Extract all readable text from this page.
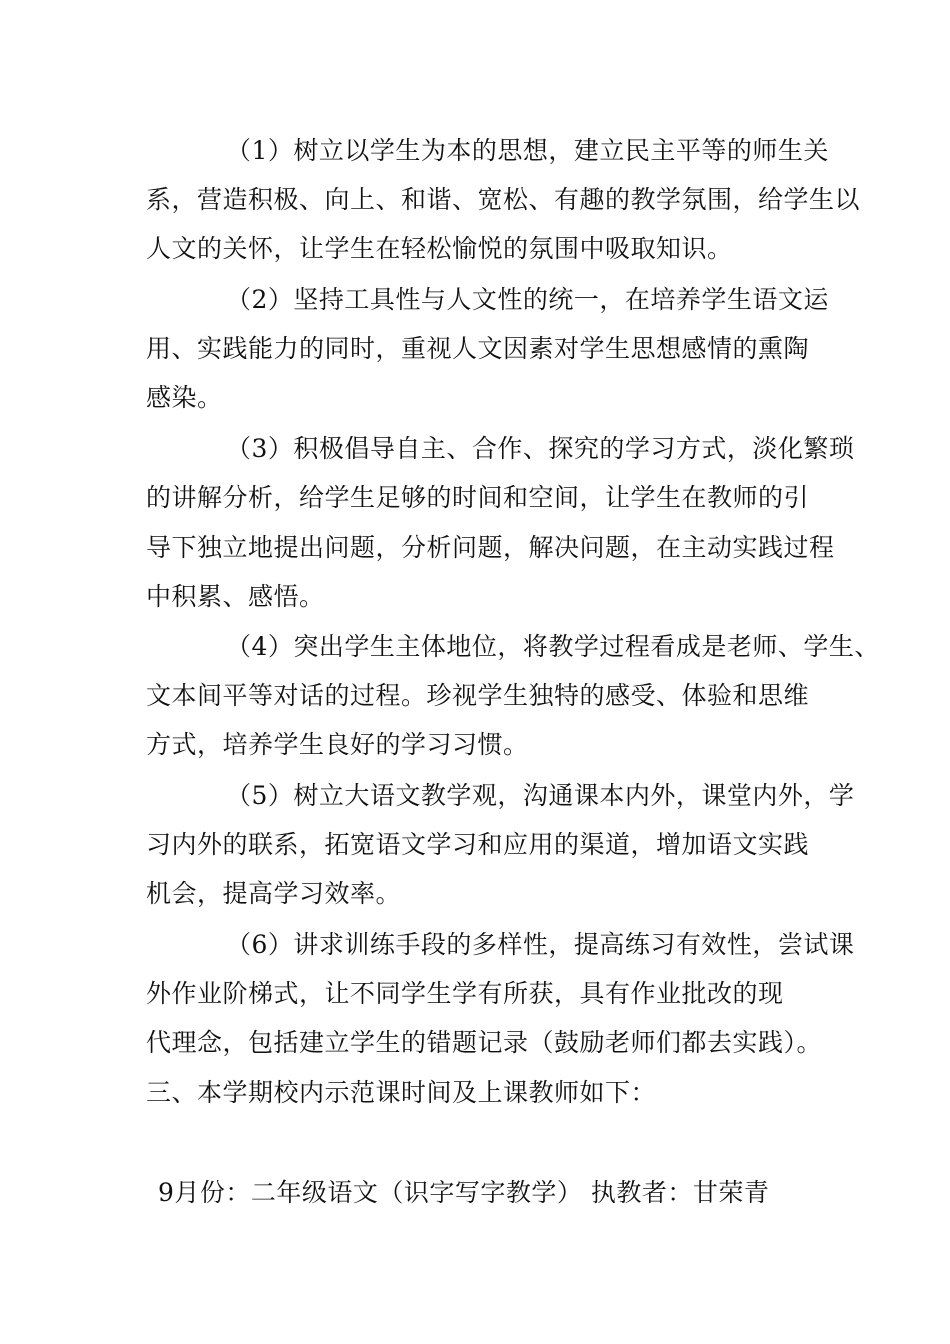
（1）树立以学生为本的思想，建立民主平等的师生关
系，营造积极、向上、和谐、宽松、有趣的教学氛围，给学生以
人文的关怀，让学生在轻松愉悦的氛围中吸取知识。
（2）坚持工具性与人文性的统一，在培养学生语文运
用、实践能力的同时，重视人文因素对学生思想感情的熏陶
感染。
（3）积极倡导自主、合作、探究的学习方式，淡化繁琐
的讲解分析，给学生足够的时间和空间，让学生在教师的引
导下独立地提出问题，分析问题，解决问题，在主动实践过程
中积累、感悟。
（4）突出学生主体地位，将教学过程看成是老师、学生、
文本间平等对话的过程。珍视学生独特的感受、体验和思维
方式，培养学生良好的学习习惯。
（5）树立大语文教学观，沟通课本内外，课堂内外，学
习内外的联系，拓宽语文学习和应用的渠道，增加语文实践
机会，提高学习效率。
（6）讲求训练手段的多样性，提高练习有效性，尝试课
外作业阶梯式，让不同学生学有所获，具有作业批改的现
代理念，包括建立学生的错题记录（鼓励老师们都去实践）。
三、本学期校内示范课时间及上课教师如下：
9月份：二年级语文（识字写字教学） 执教者：甘荣青
